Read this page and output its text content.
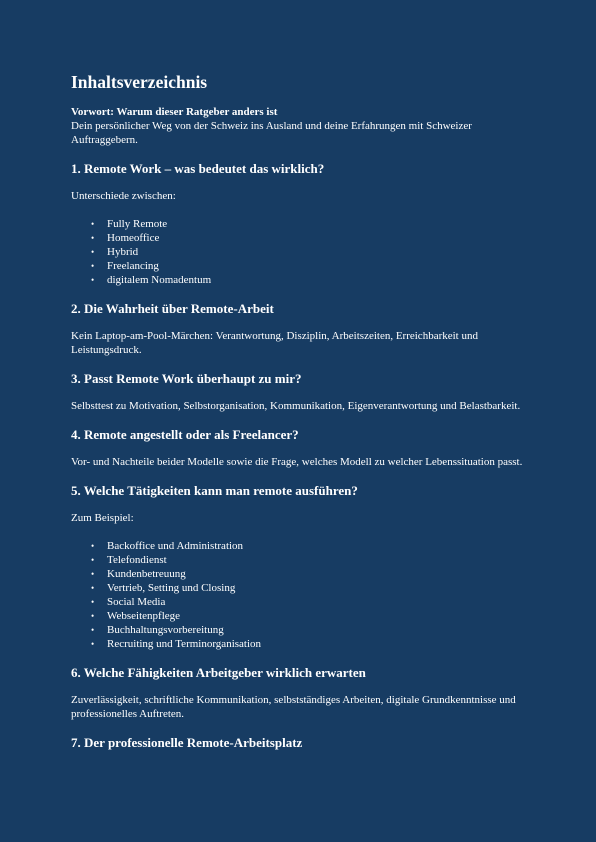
Inhaltsverzeichnis

Vorwort: Warum dieser Ratgeber anders ist

Dein persönlicher Weg von der Schweiz ins Ausland und deine Erfahrungen mit Schweizer Auftraggebern.

1. Remote Work – was bedeutet das wirklich?

Unterschiede zwischen:

• Fully Remote
• Homeoffice
• Hybrid
• Freelancing
• digitalem Nomadentum
2. Die Wahrheit über Remote-Arbeit

Kein Laptop-am-Pool-Märchen: Verantwortung, Disziplin, Arbeitszeiten, Erreichbarkeit und Leistungsdruck.

3. Passt Remote Work überhaupt zu mir?

Selbsttest zu Motivation, Selbstorganisation, Kommunikation, Eigenverantwortung und Belastbarkeit.

4. Remote angestellt oder als Freelancer?

Vor- und Nachteile beider Modelle sowie die Frage, welches Modell zu welcher Lebenssituation passt.

5. Welche Tätigkeiten kann man remote ausführen?

Zum Beispiel:

• Backoffice und Administration
• Telefondienst
• Kundenbetreuung
• Vertrieb, Setting und Closing
• Social Media
• Webseitenpflege
• Buchhaltungsvorbereitung
• Recruiting und Terminorganisation
6. Welche Fähigkeiten Arbeitgeber wirklich erwarten

Zuverlässigkeit, schriftliche Kommunikation, selbstständiges Arbeiten, digitale Grundkenntnisse und professionelles Auftreten.

7. Der professionelle Remote-Arbeitsplatz
